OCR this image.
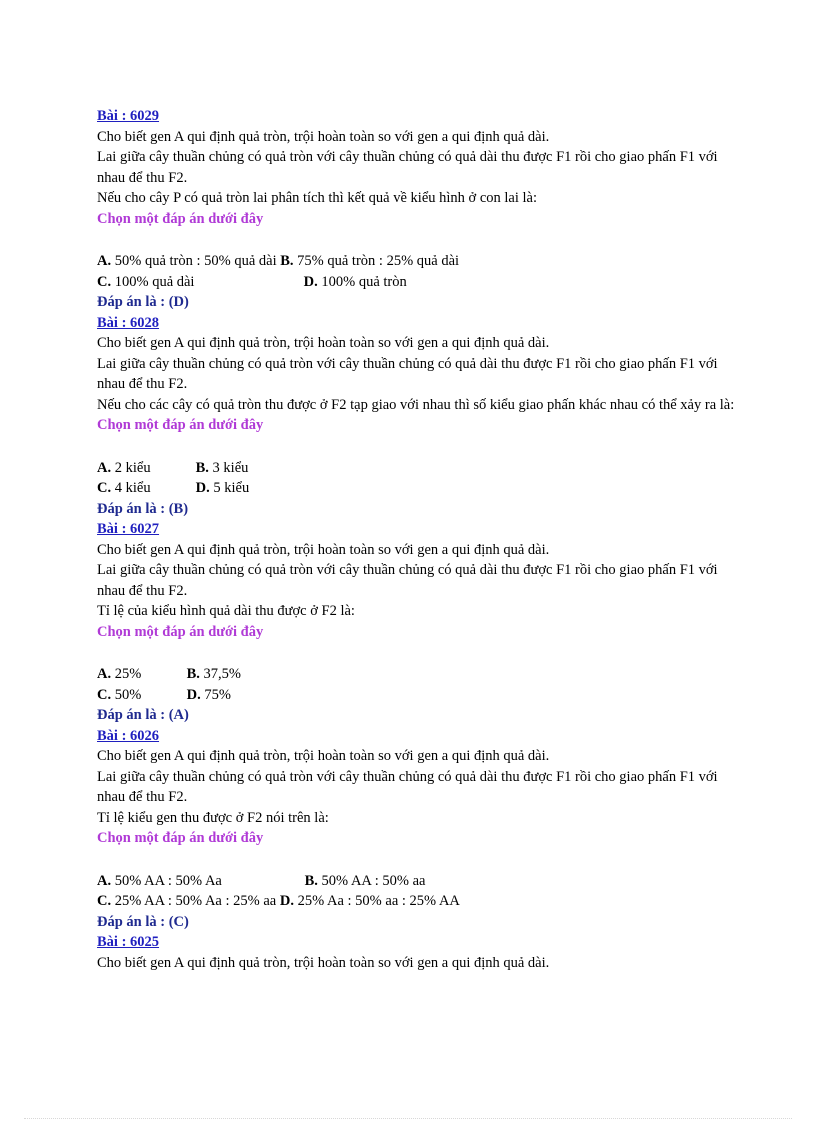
Bài : 6029
Cho biết gen A qui định quả tròn, trội hoàn toàn so với gen a qui định quả dài.
Lai giữa cây thuần chủng có quả tròn với cây thuần chủng có quả dài thu được F1 rồi cho giao phấn F1 với nhau để thu F2.
Nếu cho cây P có quả tròn lai phân tích thì kết quả về kiểu hình ở con lai là:
Chọn một đáp án dưới đây
A. 50% quả tròn : 50% quả dài B. 75% quả tròn : 25% quả dài
C. 100% quả dài	D. 100% quả tròn
Đáp án là : (D)
Bài : 6028
Cho biết gen A qui định quả tròn, trội hoàn toàn so với gen a qui định quả dài.
Lai giữa cây thuần chủng có quả tròn với cây thuần chủng có quả dài thu được F1 rồi cho giao phấn F1 với nhau để thu F2.
Nếu cho các cây có quả tròn thu được ở F2 tạp giao với nhau thì số kiểu giao phấn khác nhau có thể xảy ra là:
Chọn một đáp án dưới đây
A. 2 kiểu	B. 3 kiểu
C. 4 kiểu	D. 5 kiểu
Đáp án là : (B)
Bài : 6027
Cho biết gen A qui định quả tròn, trội hoàn toàn so với gen a qui định quả dài.
Lai giữa cây thuần chủng có quả tròn với cây thuần chủng có quả dài thu được F1 rồi cho giao phấn F1 với nhau để thu F2.
Tỉ lệ của kiểu hình quả dài thu được ở F2 là:
Chọn một đáp án dưới đây
A. 25%	B. 37,5%
C. 50%	D. 75%
Đáp án là : (A)
Bài : 6026
Cho biết gen A qui định quả tròn, trội hoàn toàn so với gen a qui định quả dài.
Lai giữa cây thuần chủng có quả tròn với cây thuần chủng có quả dài thu được F1 rồi cho giao phấn F1 với nhau để thu F2.
Tỉ lệ kiểu gen thu được ở F2 nói trên là:
Chọn một đáp án dưới đây
A. 50% AA : 50% Aa	B. 50% AA : 50% aa
C. 25% AA : 50% Aa : 25% aa D. 25% Aa : 50% aa : 25% AA
Đáp án là : (C)
Bài : 6025
Cho biết gen A qui định quả tròn, trội hoàn toàn so với gen a qui định quả dài.
